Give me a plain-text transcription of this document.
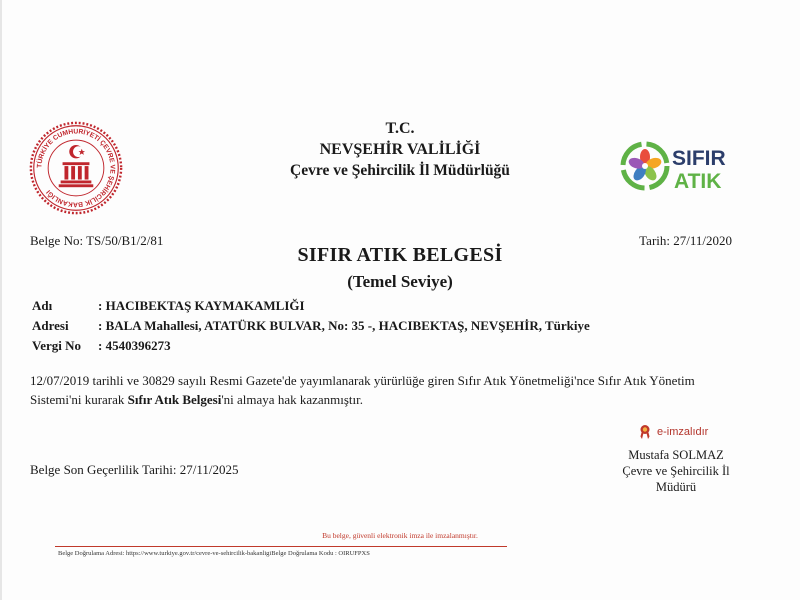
TÜRKİYE CUMHURİYETİ ÇEVRE VE ŞEHİRCİLİK BAKANLIĞI
T.C.
NEVŞEHİR VALİLİĞİ
Çevre ve Şehircilik İl Müdürlüğü
SIFIR
ATIK
Belge No: TS/50/B1/2/81	Tarih: 27/11/2020
SIFIR ATIK BELGESİ
(Temel Seviye)
Adı	: HACIBEKTAŞ KAYMAKAMLIĞI
Adresi	: BALA Mahallesi, ATATÜRK BULVAR, No: 35 -, HACIBEKTAŞ, NEVŞEHİR, Türkiye
Vergi No	: 4540396273
12/07/2019 tarihli ve 30829 sayılı Resmi Gazete'de yayımlanarak yürürlüğe giren Sıfır Atık Yönetmeliği'nce Sıfır Atık Yönetim Sistemi'ni kurarak Sıfır Atık Belgesi'ni almaya hak kazanmıştır.
Belge Son Geçerlilik Tarihi: 27/11/2025
e-imzalıdır
Mustafa SOLMAZ
Çevre ve Şehircilik İl
Müdürü
Bu belge, güvenli elektronik imza ile imzalanmıştır.
Belge Doğrulama Adresi: https://www.turkiye.gov.tr/cevre-ve-sehircilik-bakanligiBelge Doğrulama Kodu : OIRUFPXS
